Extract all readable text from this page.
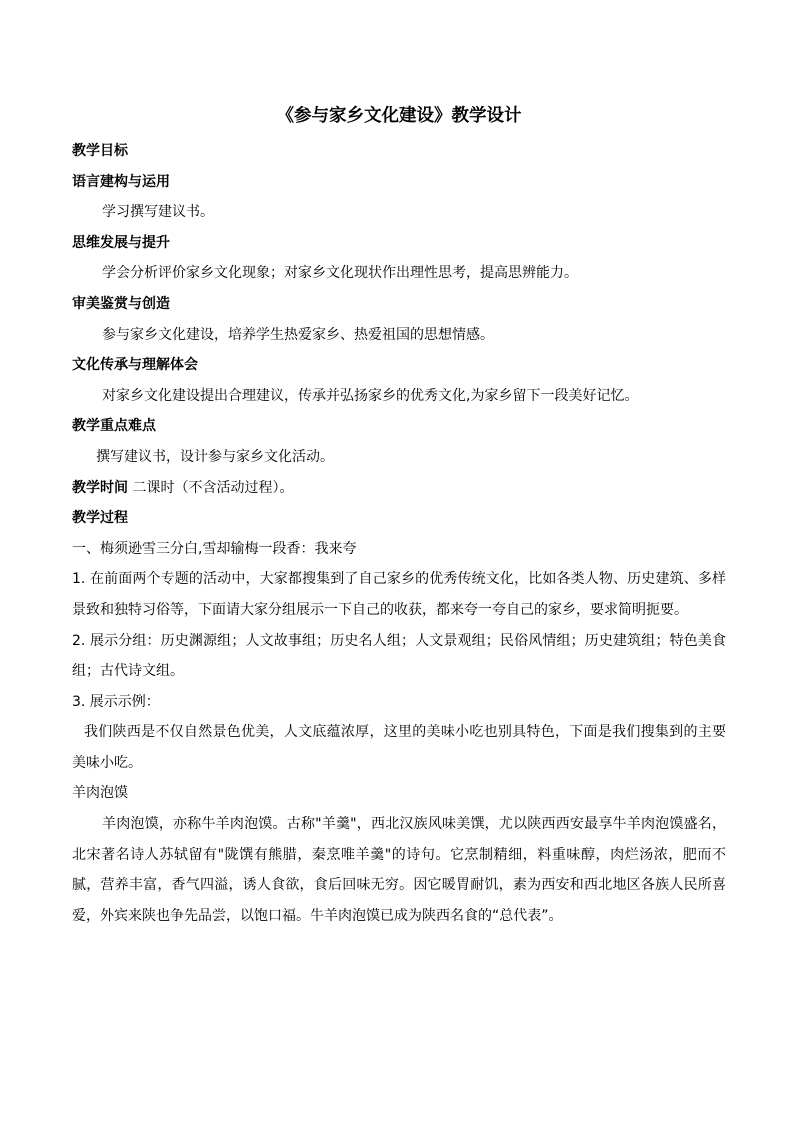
《参与家乡文化建设》教学设计

教学目标

语言建构与运用

学习撰写建议书。

思维发展与提升

学会分析评价家乡文化现象；对家乡文化现状作出理性思考，提高思辨能力。

审美鉴赏与创造

参与家乡文化建设，培养学生热爱家乡、热爱祖国的思想情感。

文化传承与理解体会

对家乡文化建设提出合理建议，传承并弘扬家乡的优秀文化,为家乡留下一段美好记忆。

教学重点难点

撰写建议书，设计参与家乡文化活动。

教学时间 二课时（不含活动过程）。

教学过程

一、梅须逊雪三分白,雪却输梅一段香：我来夸

1. 在前面两个专题的活动中，大家都搜集到了自己家乡的优秀传统文化，比如各类人物、历史建筑、多样景致和独特习俗等，下面请大家分组展示一下自己的收获，都来夸一夸自己的家乡，要求简明扼要。

2. 展示分组：历史渊源组；人文故事组；历史名人组；人文景观组；民俗风情组；历史建筑组；特色美食组；古代诗文组。

3. 展示示例：

我们陕西是不仅自然景色优美，人文底蕴浓厚，这里的美味小吃也别具特色，下面是我们搜集到的主要美味小吃。

羊肉泡馍

羊肉泡馍，亦称牛羊肉泡馍。古称"羊羹"，西北汉族风味美馔，尤以陕西西安最享牛羊肉泡馍盛名，北宋著名诗人苏轼留有"陇馔有熊腊，秦烹唯羊羹"的诗句。它烹制精细，料重味醇，肉烂汤浓，肥而不腻，营养丰富，香气四溢，诱人食欲，食后回味无穷。因它暖胃耐饥，素为西安和西北地区各族人民所喜爱，外宾来陕也争先品尝，以饱口福。牛羊肉泡馍已成为陕西名食的“总代表”。
